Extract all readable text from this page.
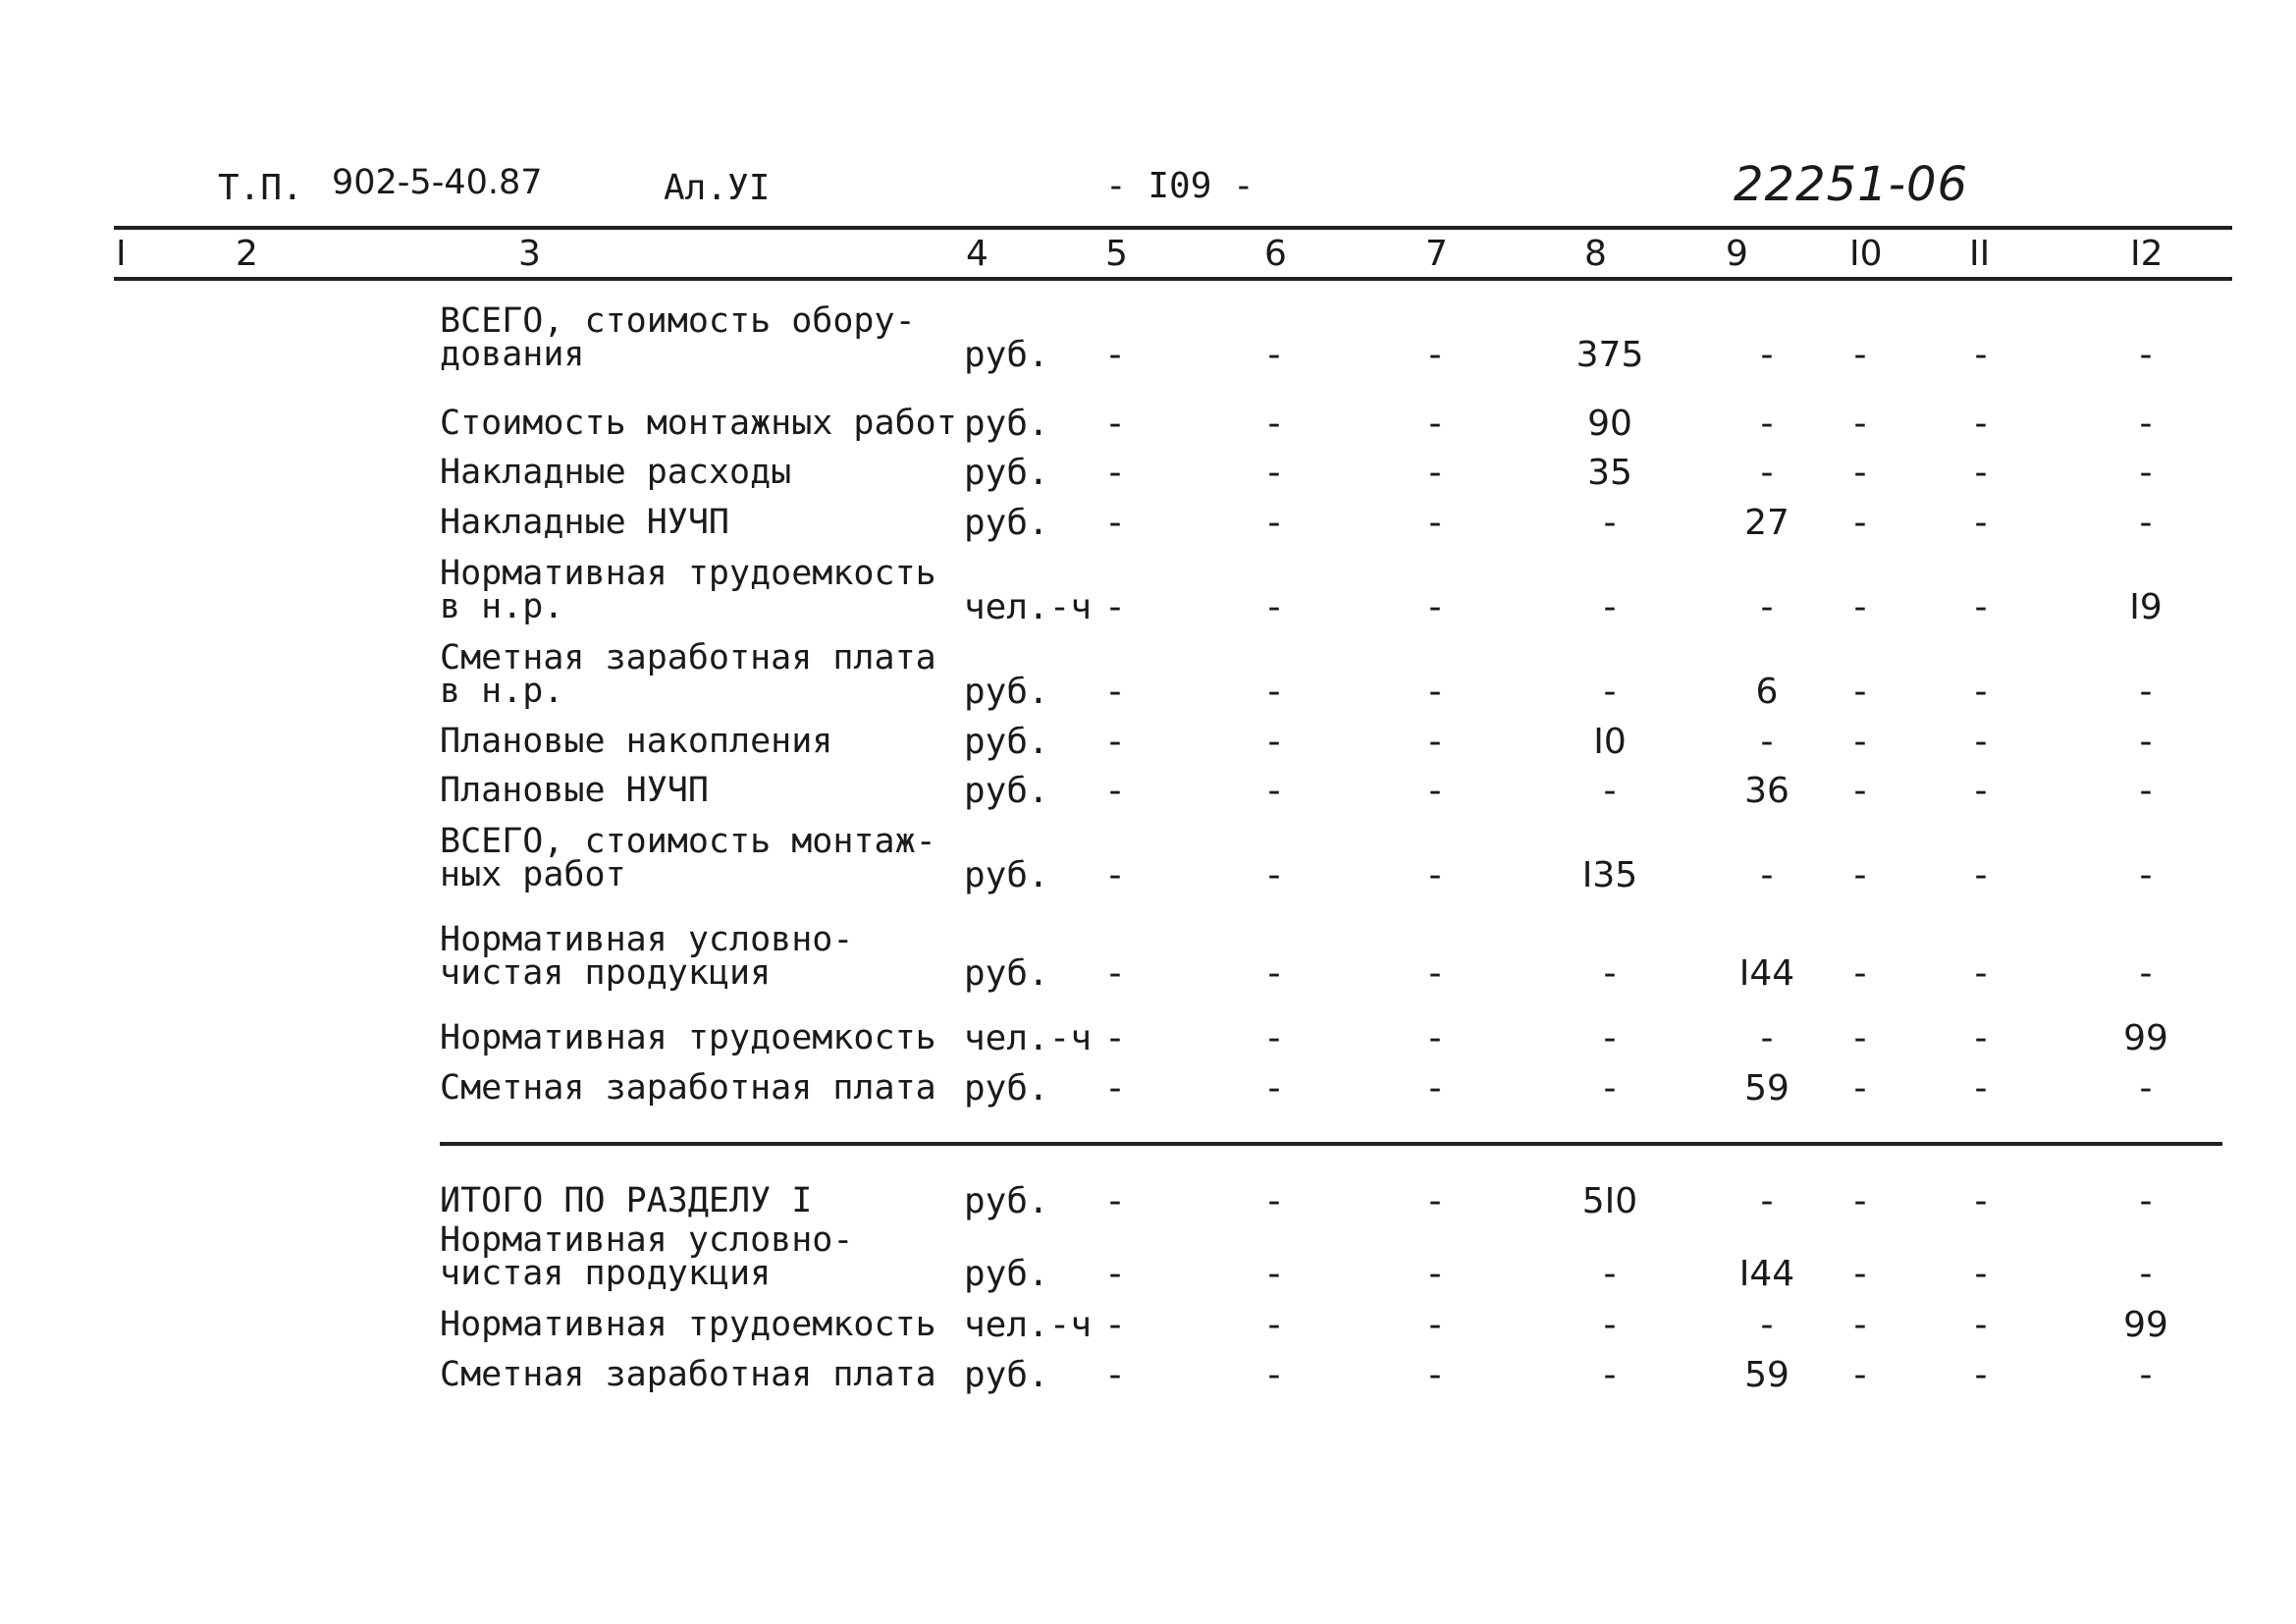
Т.П. 902-5-40.87	Ал.УI	- I09 -	22251-06
I	2	3	4	5	6	7	8	9	I0 II	I2
ВСЕГО, стоимость обору-
дования	руб.	-	-	-	375	-	-	-	-
Стоимость монтажных работ руб.	-	-	-	90	-	-	-	-
Накладные расходы	руб.	-	-	-	35	-	-	-	-
Накладные НУЧП	руб.	-	-	-	-	27	-	-	-
Нормативная трудоемкость
в н.р.	чел.-ч -	-	-	-	-	-	-	I9
Сметная заработная плата
в н.р.	руб.	-	-	-	-	6	-	-	-
Плановые накопления	руб.	-	-	-	I0	-	-	-	-
Плановые НУЧП	руб.	-	-	-	-	36	-	-	-
ВСЕГО, стоимость монтаж-
ных работ	руб.	-	-	-	I35	-	-	-	-
Нормативная условно-
чистая продукция	руб.	-	-	-	-	I44	-	-	-
Нормативная трудоемкость чел.-ч -	-	-	-	-	-	-	99
Сметная заработная плата руб.	-	-	-	-	59	-	-	-
ИТОГО ПО РАЗДЕЛУ I	руб.	-	-	-	5I0	-	-	-	-
Нормативная условно-
чистая продукция	руб.	-	-	-	-	I44	-	-	-
Нормативная трудоемкость чел.-ч -	-	-	-	-	-	-	99
Сметная заработная плата руб.	-	-	-	-	59	-	-	-
